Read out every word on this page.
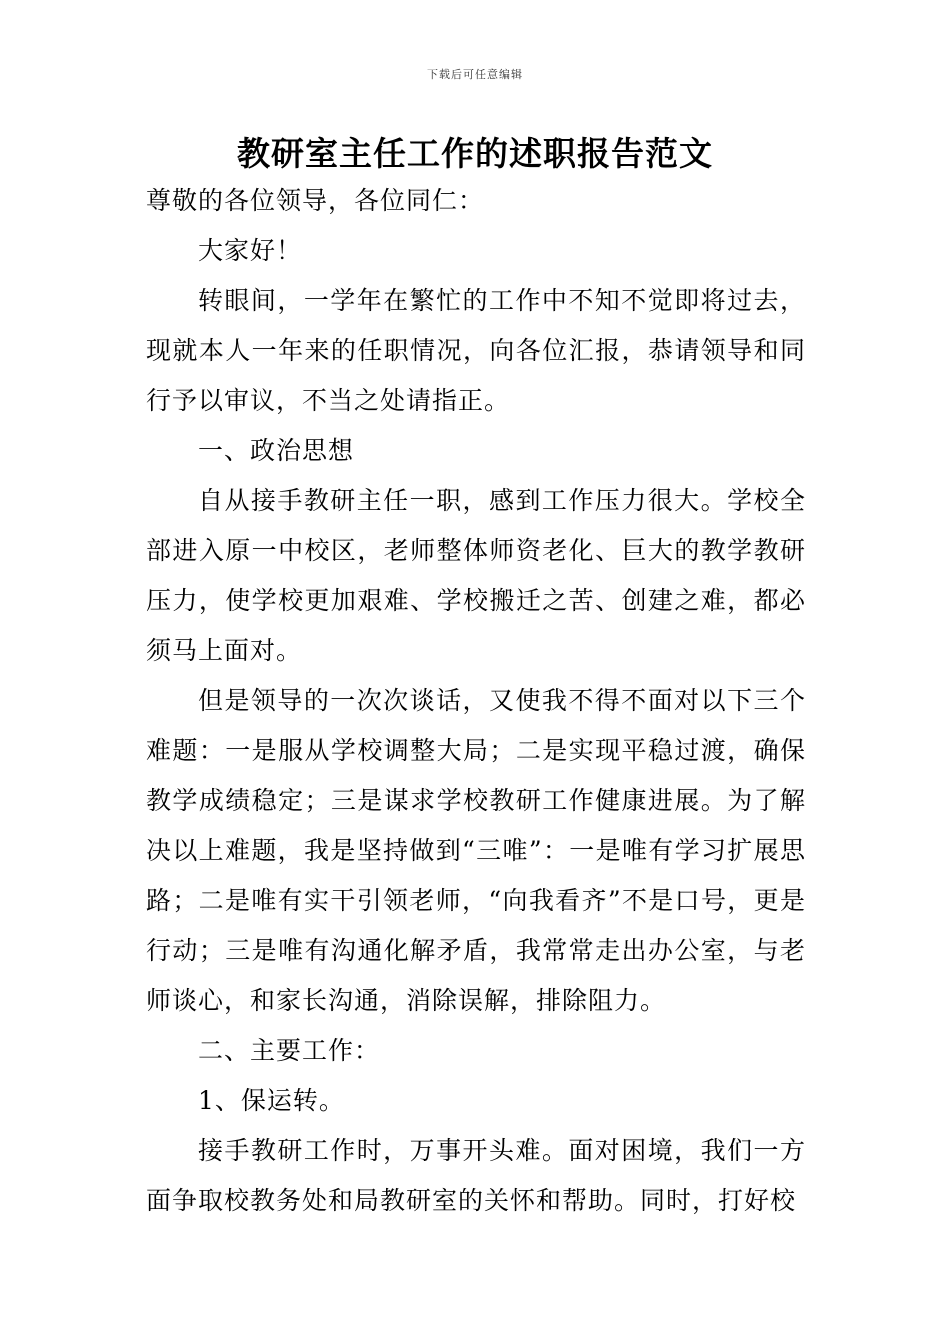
下载后可任意编辑
教研室主任工作的述职报告范文

尊敬的各位领导，各位同仁：

大家好！

转眼间，一学年在繁忙的工作中不知不觉即将过去，现就本人一年来的任职情况，向各位汇报，恭请领导和同行予以审议，不当之处请指正。

一、政治思想

自从接手教研主任一职，感到工作压力很大。学校全部进入原一中校区，老师整体师资老化、巨大的教学教研压力，使学校更加艰难、学校搬迁之苦、创建之难，都必须马上面对。

但是领导的一次次谈话，又使我不得不面对以下三个难题：一是服从学校调整大局；二是实现平稳过渡，确保教学成绩稳定；三是谋求学校教研工作健康进展。为了解决以上难题，我是坚持做到“三唯”：一是唯有学习扩展思路；二是唯有实干引领老师，“向我看齐”不是口号，更是行动；三是唯有沟通化解矛盾，我常常走出办公室，与老师谈心，和家长沟通，消除误解，排除阻力。

二、主要工作：

1、保运转。

接手教研工作时，万事开头难。面对困境，我们一方面争取校教务处和局教研室的关怀和帮助。同时，打好校
